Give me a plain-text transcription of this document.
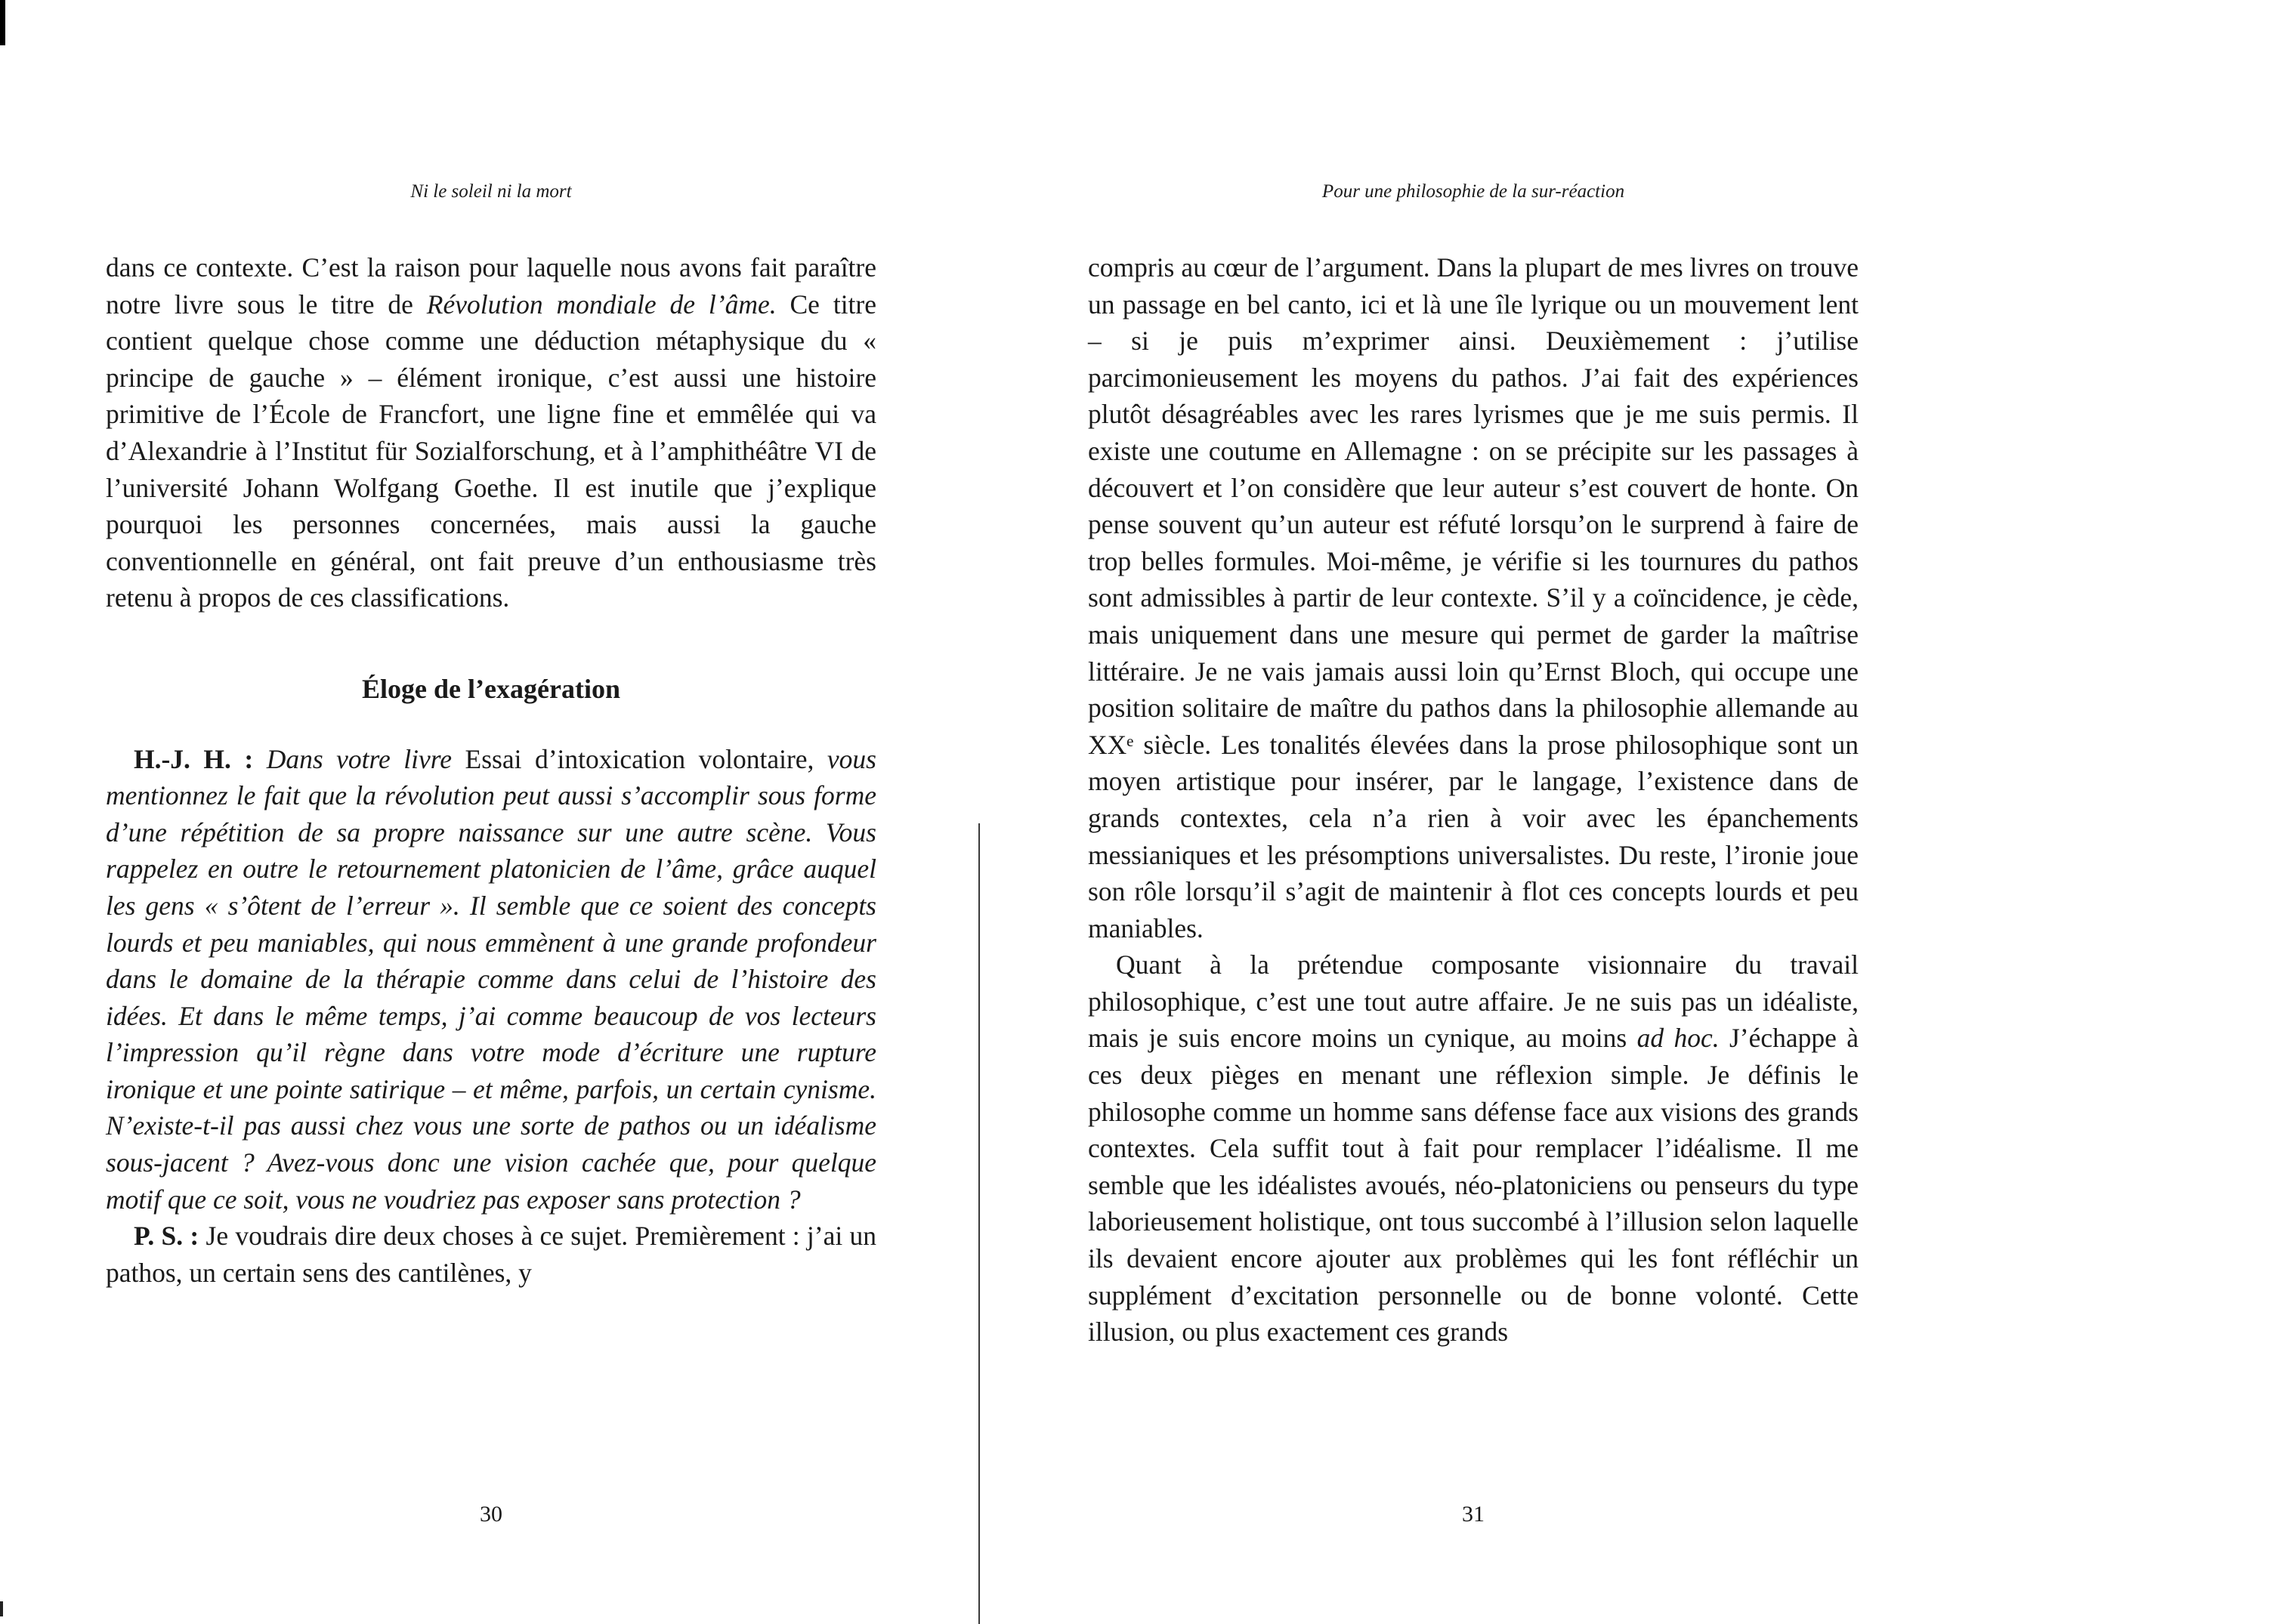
Ni le soleil ni la mort

dans ce contexte. C’est la raison pour laquelle nous avons fait paraître notre livre sous le titre de Révolution mondiale de l’âme. Ce titre contient quelque chose comme une déduction métaphysique du « principe de gauche » – élément ironique, c’est aussi une histoire primitive de l’École de Francfort, une ligne fine et emmêlée qui va d’Alexandrie à l’Institut für Sozialforschung, et à l’amphithéâtre VI de l’université Johann Wolfgang Goethe. Il est inutile que j’explique pourquoi les personnes concernées, mais aussi la gauche conventionnelle en général, ont fait preuve d’un enthousiasme très retenu à propos de ces classifications.

Éloge de l’exagération

H.-J. H. : Dans votre livre Essai d’intoxication volontaire, vous mentionnez le fait que la révolution peut aussi s’accomplir sous forme d’une répétition de sa propre naissance sur une autre scène. Vous rappelez en outre le retournement platonicien de l’âme, grâce auquel les gens « s’ôtent de l’erreur ». Il semble que ce soient des concepts lourds et peu maniables, qui nous emmènent à une grande profondeur dans le domaine de la thérapie comme dans celui de l’histoire des idées. Et dans le même temps, j’ai comme beaucoup de vos lecteurs l’impression qu’il règne dans votre mode d’écriture une rupture ironique et une pointe satirique – et même, parfois, un certain cynisme. N’existe-t-il pas aussi chez vous une sorte de pathos ou un idéalisme sous-jacent ? Avez-vous donc une vision cachée que, pour quelque motif que ce soit, vous ne voudriez pas exposer sans protection ?

P. S. : Je voudrais dire deux choses à ce sujet. Premièrement : j’ai un pathos, un certain sens des cantilènes, y

30
Pour une philosophie de la sur-réaction

compris au cœur de l’argument. Dans la plupart de mes livres on trouve un passage en bel canto, ici et là une île lyrique ou un mouvement lent – si je puis m’exprimer ainsi. Deuxièmement : j’utilise parcimonieusement les moyens du pathos. J’ai fait des expériences plutôt désagréables avec les rares lyrismes que je me suis permis. Il existe une coutume en Allemagne : on se précipite sur les passages à découvert et l’on considère que leur auteur s’est couvert de honte. On pense souvent qu’un auteur est réfuté lorsqu’on le surprend à faire de trop belles formules. Moi-même, je vérifie si les tournures du pathos sont admissibles à partir de leur contexte. S’il y a coïncidence, je cède, mais uniquement dans une mesure qui permet de garder la maîtrise littéraire. Je ne vais jamais aussi loin qu’Ernst Bloch, qui occupe une position solitaire de maître du pathos dans la philosophie allemande au XXᵉ siècle. Les tonalités élevées dans la prose philosophique sont un moyen artistique pour insérer, par le langage, l’existence dans de grands contextes, cela n’a rien à voir avec les épanchements messianiques et les présomptions universalistes. Du reste, l’ironie joue son rôle lorsqu’il s’agit de maintenir à flot ces concepts lourds et peu maniables.

Quant à la prétendue composante visionnaire du travail philosophique, c’est une tout autre affaire. Je ne suis pas un idéaliste, mais je suis encore moins un cynique, au moins ad hoc. J’échappe à ces deux pièges en menant une réflexion simple. Je définis le philosophe comme un homme sans défense face aux visions des grands contextes. Cela suffit tout à fait pour remplacer l’idéalisme. Il me semble que les idéalistes avoués, néo-platoniciens ou penseurs du type laborieusement holistique, ont tous succombé à l’illusion selon laquelle ils devaient encore ajouter aux problèmes qui les font réfléchir un supplément d’excitation personnelle ou de bonne volonté. Cette illusion, ou plus exactement ces grands

31
